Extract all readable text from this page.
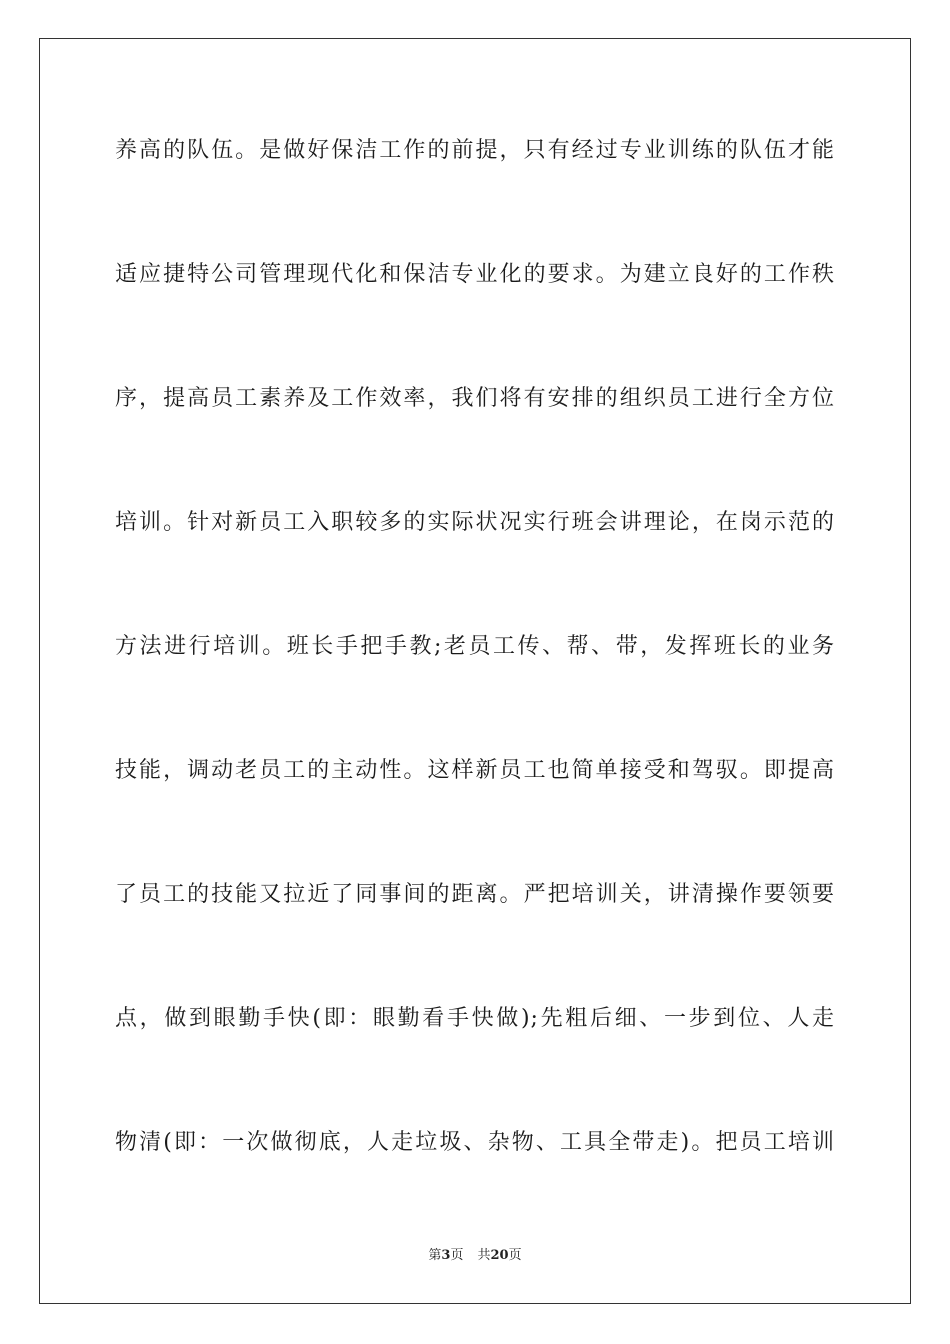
养高的队伍。是做好保洁工作的前提，只有经过专业训练的队伍才能
适应捷特公司管理现代化和保洁专业化的要求。为建立良好的工作秩
序，提高员工素养及工作效率，我们将有安排的组织员工进行全方位
培训。针对新员工入职较多的实际状况实行班会讲理论，在岗示范的
方法进行培训。班长手把手教;老员工传、帮、带，发挥班长的业务
技能，调动老员工的主动性。这样新员工也简单接受和驾驭。即提高
了员工的技能又拉近了同事间的距离。严把培训关，讲清操作要领要
点，做到眼勤手快(即：眼勤看手快做);先粗后细、一步到位、人走
物清(即：一次做彻底，人走垃圾、杂物、工具全带走)。把员工培训
第3页 共20页
